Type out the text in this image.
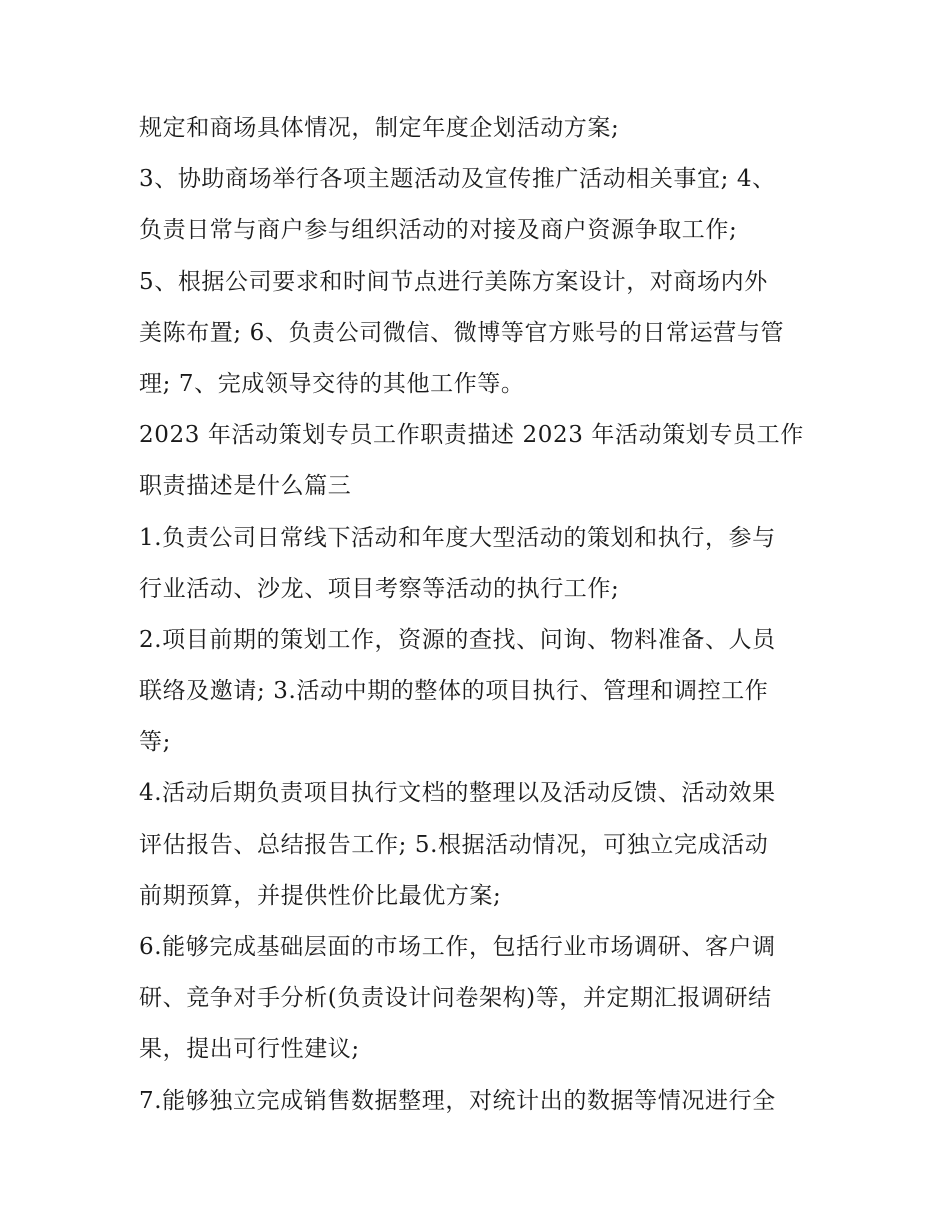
规定和商场具体情况，制定年度企划活动方案;
3、协助商场举行各项主题活动及宣传推广活动相关事宜; 4、
负责日常与商户参与组织活动的对接及商户资源争取工作;
5、根据公司要求和时间节点进行美陈方案设计，对商场内外
美陈布置; 6、负责公司微信、微博等官方账号的日常运营与管
理; 7、完成领导交待的其他工作等。
2023 年活动策划专员工作职责描述 2023 年活动策划专员工作
职责描述是什么篇三
1.负责公司日常线下活动和年度大型活动的策划和执行，参与
行业活动、沙龙、项目考察等活动的执行工作;
2.项目前期的策划工作，资源的查找、问询、物料准备、人员
联络及邀请; 3.活动中期的整体的项目执行、管理和调控工作
等;
4.活动后期负责项目执行文档的整理以及活动反馈、活动效果
评估报告、总结报告工作; 5.根据活动情况，可独立完成活动
前期预算，并提供性价比最优方案;
6.能够完成基础层面的市场工作，包括行业市场调研、客户调
研、竞争对手分析(负责设计问卷架构)等，并定期汇报调研结
果，提出可行性建议;
7.能够独立完成销售数据整理，对统计出的数据等情况进行全
